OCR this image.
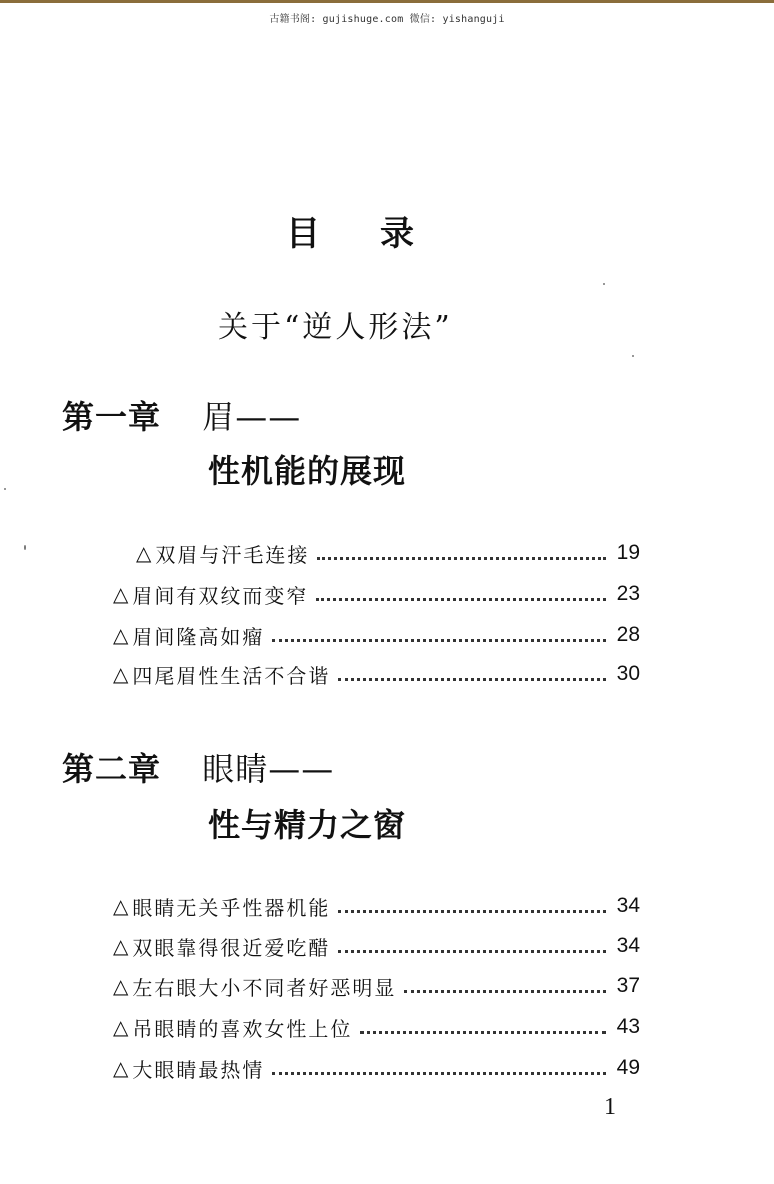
古籍书阁: gujishuge.com 微信: yishanguji
目录
关于“逆人形法”
第一章 眉——
性机能的展现
△ 双眉与汗毛连接	19
△ 眉间有双纹而变窄	23
△ 眉间隆高如瘤	28
△ 四尾眉性生活不合谐	30
第二章 眼睛——
性与精力之窗
△ 眼睛无关乎性器机能	34
△ 双眼靠得很近爱吃醋	34
△ 左右眼大小不同者好恶明显	37
△ 吊眼睛的喜欢女性上位	43
△ 大眼睛最热情	49
1
